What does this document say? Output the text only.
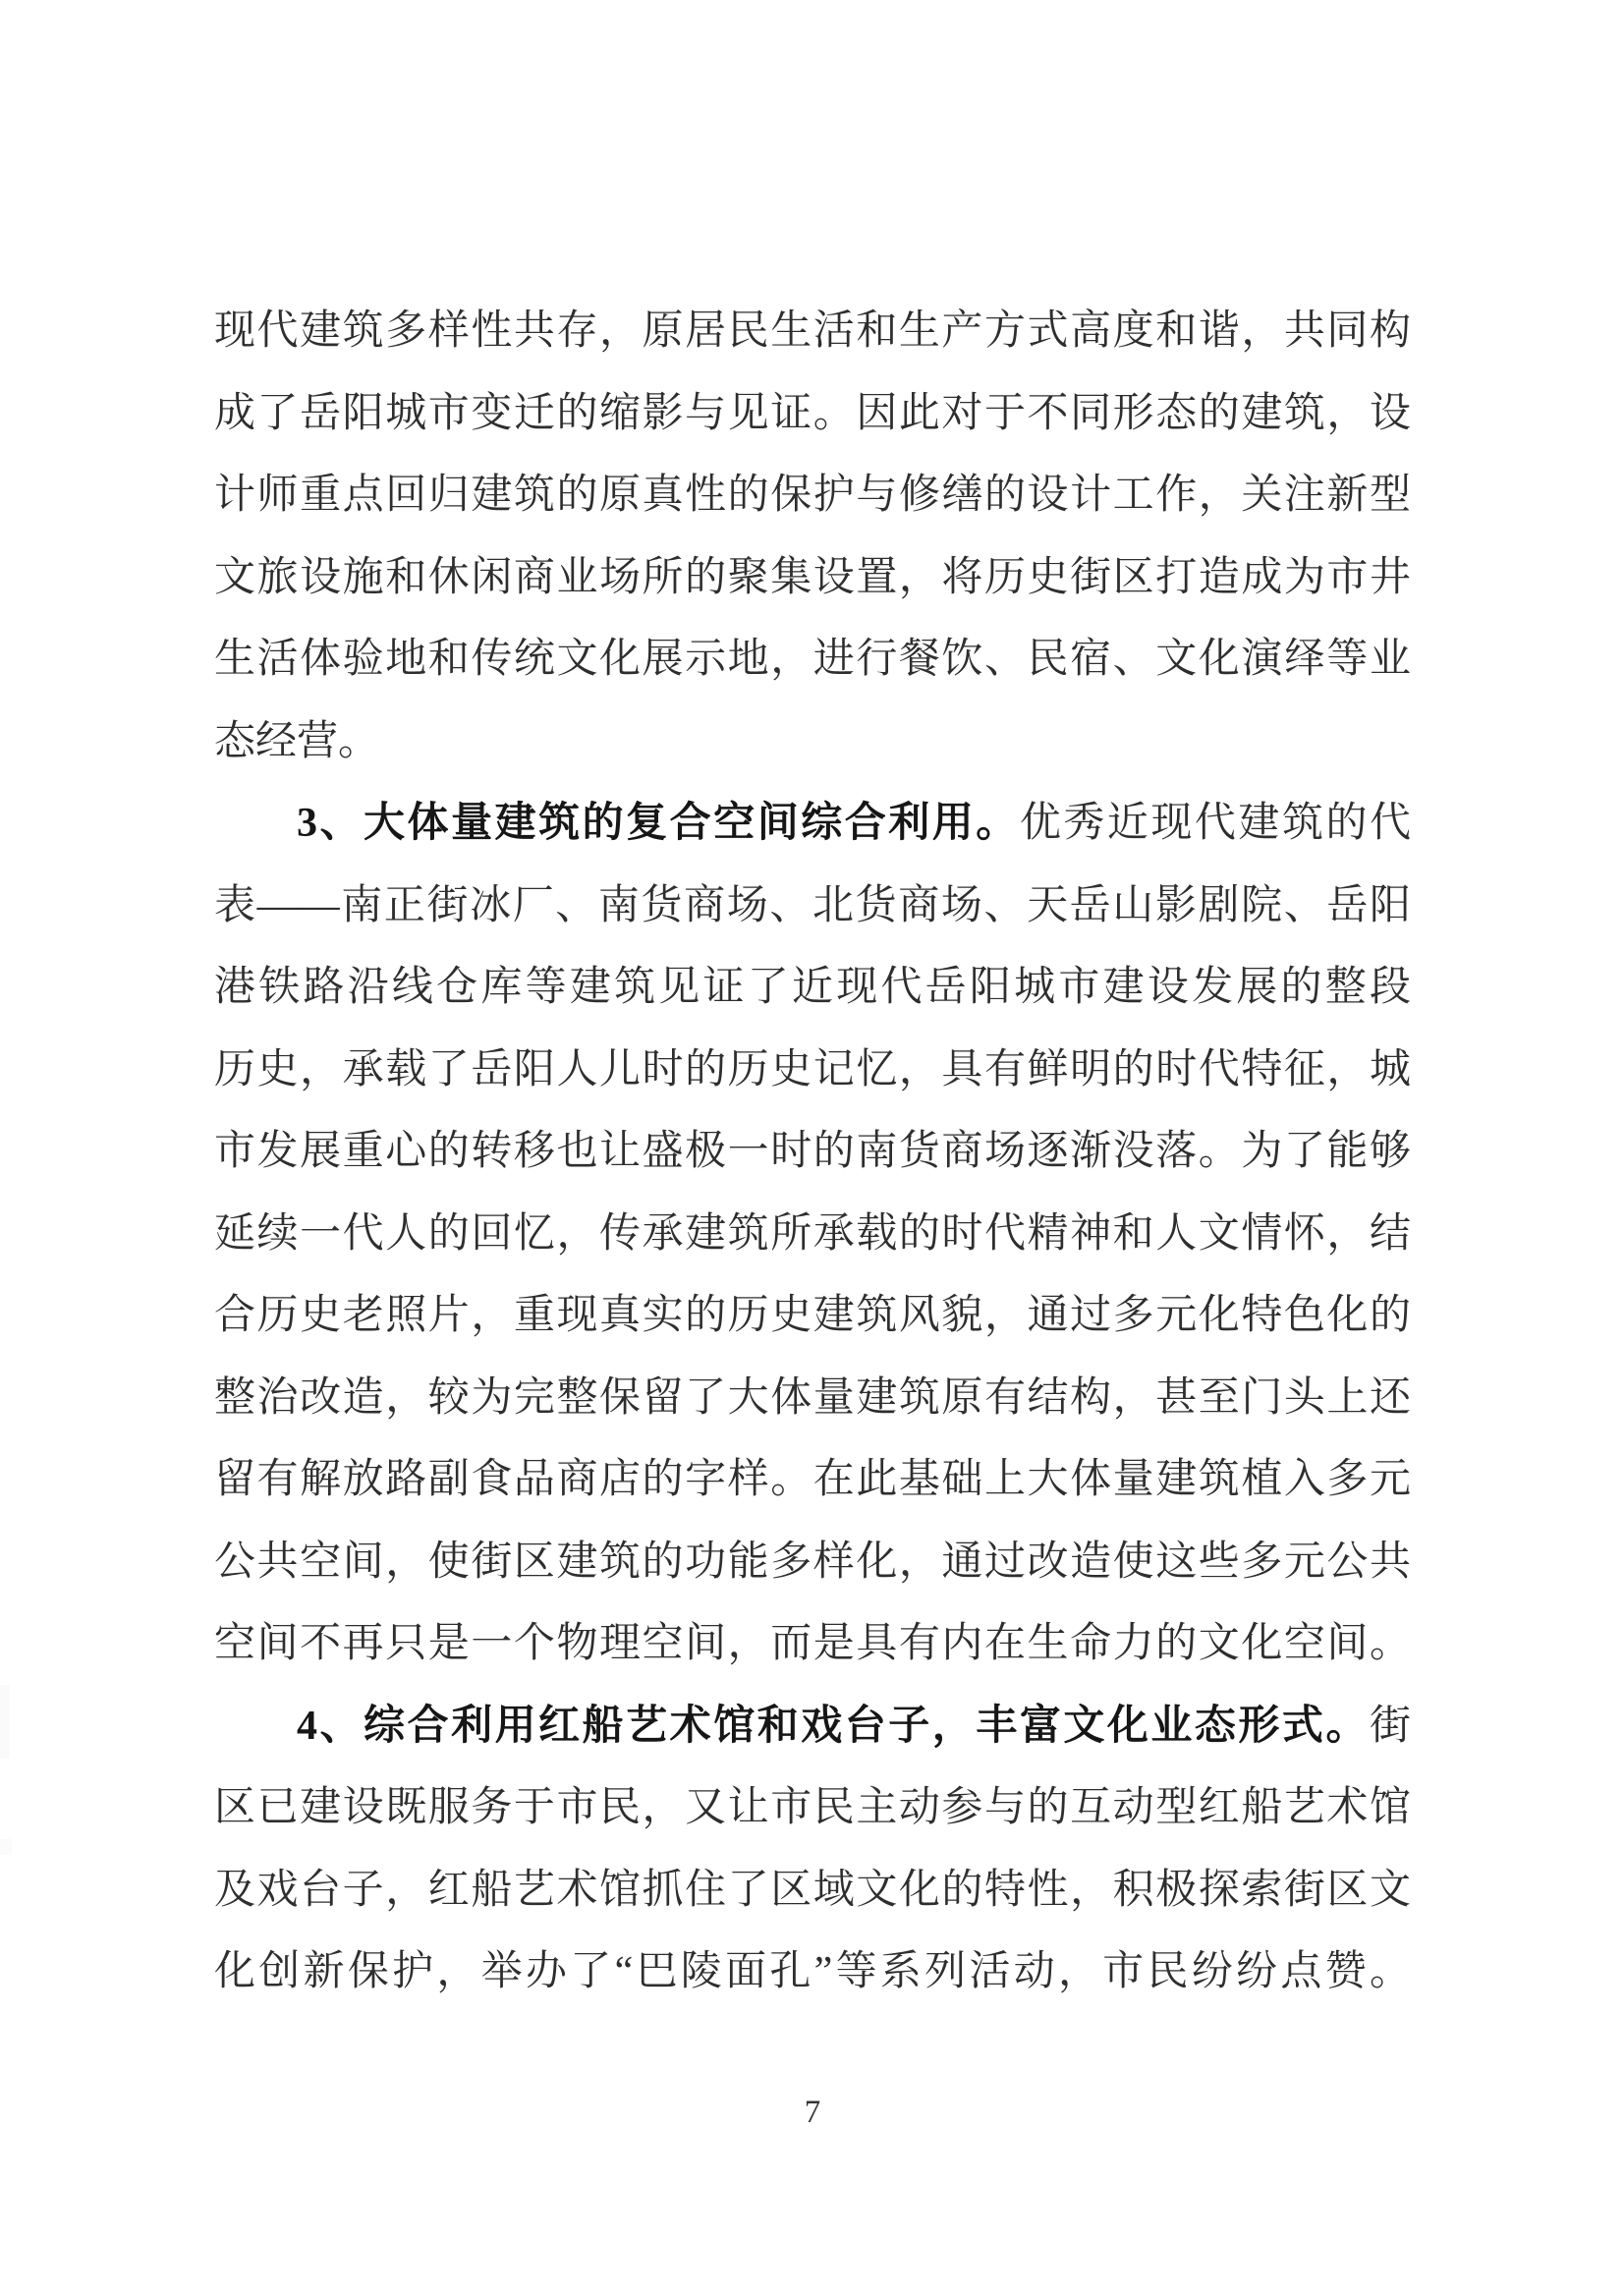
现代建筑多样性共存，原居民生活和生产方式高度和谐，共同构
成了岳阳城市变迁的缩影与见证。因此对于不同形态的建筑，设
计师重点回归建筑的原真性的保护与修缮的设计工作，关注新型
文旅设施和休闲商业场所的聚集设置，将历史街区打造成为市井
生活体验地和传统文化展示地，进行餐饮、民宿、文化演绎等业
态经营。
3、大体量建筑的复合空间综合利用。优秀近现代建筑的代
表——南正街冰厂、南货商场、北货商场、天岳山影剧院、岳阳
港铁路沿线仓库等建筑见证了近现代岳阳城市建设发展的整段
历史，承载了岳阳人儿时的历史记忆，具有鲜明的时代特征，城
市发展重心的转移也让盛极一时的南货商场逐渐没落。为了能够
延续一代人的回忆，传承建筑所承载的时代精神和人文情怀，结
合历史老照片，重现真实的历史建筑风貌，通过多元化特色化的
整治改造，较为完整保留了大体量建筑原有结构，甚至门头上还
留有解放路副食品商店的字样。在此基础上大体量建筑植入多元
公共空间，使街区建筑的功能多样化，通过改造使这些多元公共
空间不再只是一个物理空间，而是具有内在生命力的文化空间。
4、综合利用红船艺术馆和戏台子，丰富文化业态形式。街
区已建设既服务于市民，又让市民主动参与的互动型红船艺术馆
及戏台子，红船艺术馆抓住了区域文化的特性，积极探索街区文
化创新保护，举办了“巴陵面孔”等系列活动，市民纷纷点赞。
7
